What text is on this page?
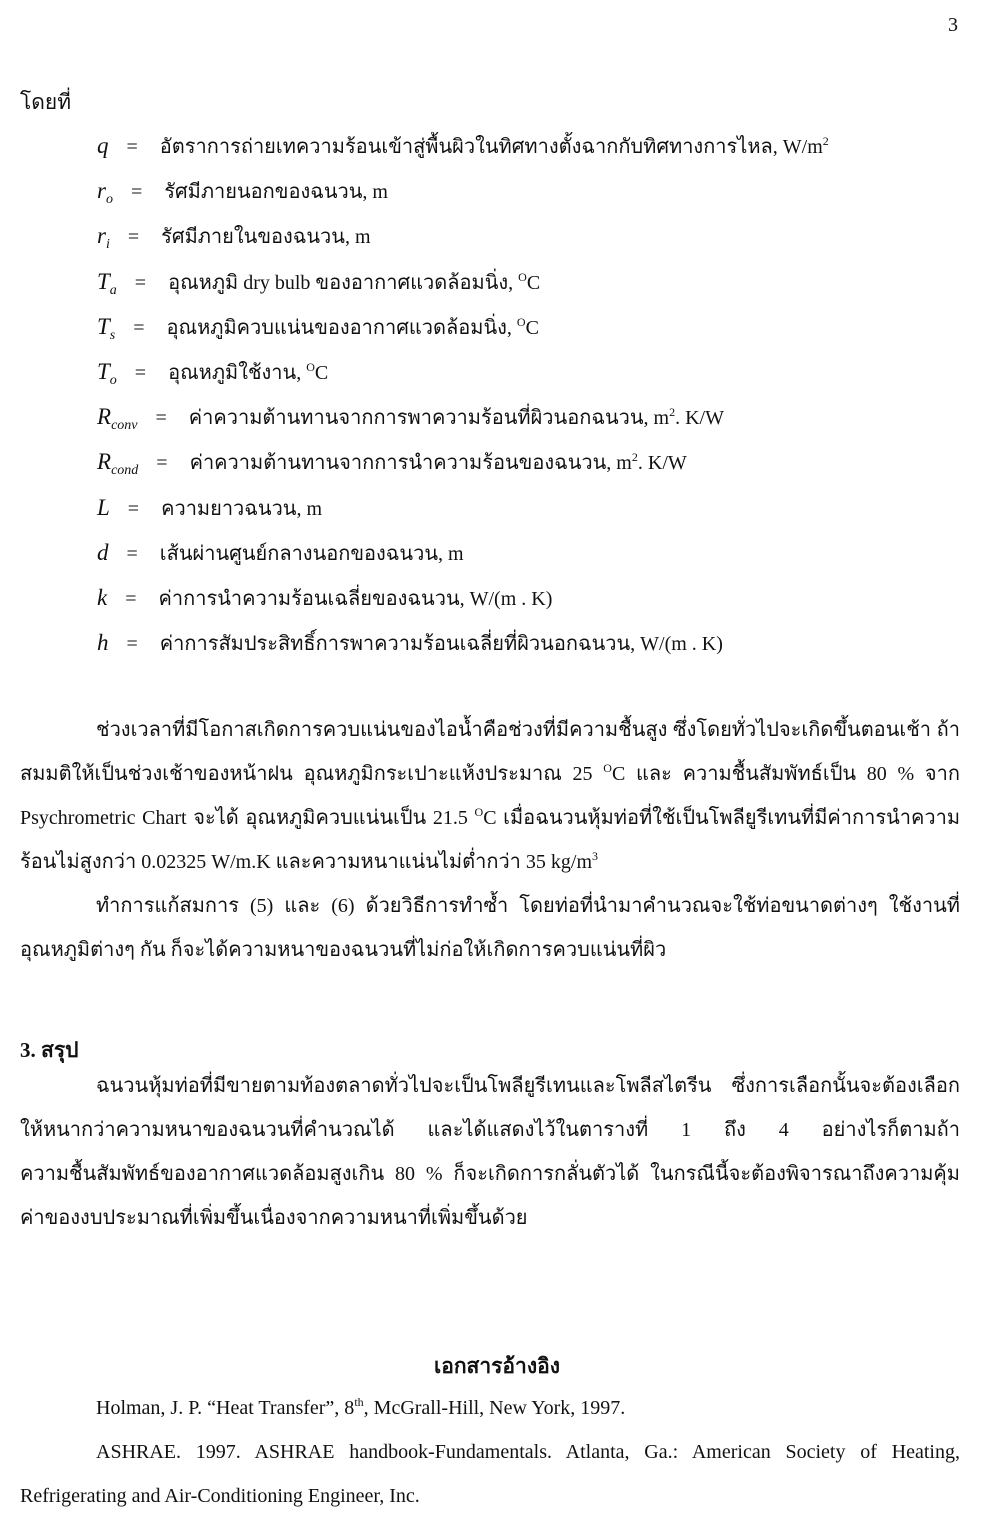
3
โดยที่
q = อัตราการถ่ายเทความร้อนเข้าสู่พื้นผิวในทิศทางตั้งฉากกับทิศทางการไหล, $W/m^2$
$r_o$ = รัศมีภายนอกของฉนวน, m
$r_i$ = รัศมีภายในของฉนวน, m
$T_a$ = อุณหภูมิ dry bulb ของอากาศแวดล้อมนิ่ง, $^O$C
$T_s$ = อุณหภูมิควบแน่นของอากาศแวดล้อมนิ่ง, $^O$C
$T_o$ = อุณหภูมิใช้งาน, $^O$C
$R_{conv}$ = ค่าความต้านทานจากการพาความร้อนที่ผิวนอกฉนวน, $m^2$. K/W
$R_{cond}$ = ค่าความต้านทานจากการนำความร้อนของฉนวน, $m^2$. K/W
L = ความยาวฉนวน, m
d = เส้นผ่านศูนย์กลางนอกของฉนวน, m
k = ค่าการนำความร้อนเฉลี่ยของฉนวน, W/(m . K)
h = ค่าการสัมประสิทธิ์การพาความร้อนเฉลี่ยที่ผิวนอกฉนวน, W/(m . K)

ช่วงเวลาที่มีโอกาสเกิดการควบแน่นของไอน้ำคือช่วงที่มีความชื้นสูง ซึ่งโดยทั่วไปจะเกิดขึ้นตอนเช้า ถ้าสมมติให้เป็นช่วงเช้าของหน้าฝน อุณหภูมิกระเปาะแห้งประมาณ 25 $^O$C และ ความชื้นสัมพัทธ์เป็น 80 % จาก Psychrometric Chart จะได้ อุณหภูมิควบแน่นเป็น 21.5 $^O$C เมื่อฉนวนหุ้มท่อที่ใช้เป็นโพลียูรีเทนที่มีค่าการนำความร้อนไม่สูงกว่า 0.02325 W/m.K และความหนาแน่นไม่ต่ำกว่า 35 $kg/m^3$

ทำการแก้สมการ (5) และ (6) ด้วยวิธีการทำซ้ำ โดยท่อที่นำมาคำนวณจะใช้ท่อขนาดต่างๆ ใช้งานที่อุณหภูมิต่างๆ กัน ก็จะได้ความหนาของฉนวนที่ไม่ก่อให้เกิดการควบแน่นที่ผิว

3. สรุป

ฉนวนหุ้มท่อที่มีขายตามท้องตลาดทั่วไปจะเป็นโพลียูรีเทนและโพลีสไตรีน ซึ่งการเลือกนั้นจะต้องเลือกให้หนากว่าความหนาของฉนวนที่คำนวณได้ และได้แสดงไว้ในตารางที่ 1 ถึง 4 อย่างไรก็ตามถ้าความชื้นสัมพัทธ์ของอากาศแวดล้อมสูงเกิน 80 % ก็จะเกิดการกลั่นตัวได้ ในกรณีนี้จะต้องพิจารณาถึงความคุ้มค่าของงบประมาณที่เพิ่มขึ้นเนื่องจากความหนาที่เพิ่มขึ้นด้วย

เอกสารอ้างอิง

Holman, J. P. “Heat Transfer”, 8th, McGrall-Hill, New York, 1997.

ASHRAE. 1997. ASHRAE handbook-Fundamentals. Atlanta, Ga.: American Society of Heating, Refrigerating and Air-Conditioning Engineer, Inc.
